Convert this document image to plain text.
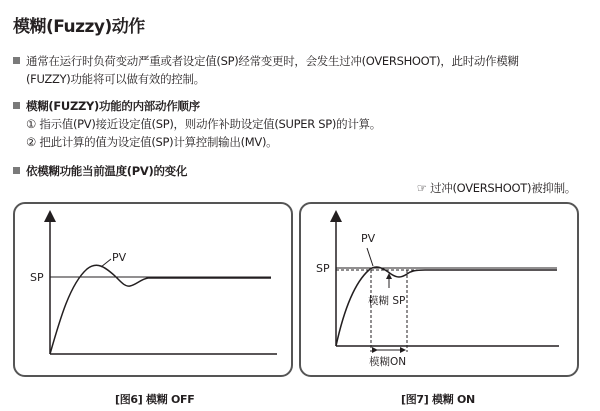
模糊(Fuzzy)动作
通常在运行时负荷变动严重或者设定值(SP)经常变更时，会发生过冲(OVERSHOOT)，此时动作模糊
(FUZZY)功能将可以做有效的控制。
模糊(FUZZY)功能的内部动作顺序
① 指示值(PV)接近设定值(SP)，则动作补助设定值(SUPER SP)的计算。
② 把此计算的值为设定值(SP)计算控制输出(MV)。
依模糊功能当前温度(PV)的变化
☞ 过冲(OVERSHOOT)被抑制。
SP
PV
SP
PV
模糊 SP
模糊ON
[图6] 模糊 OFF	[图7] 模糊 ON
